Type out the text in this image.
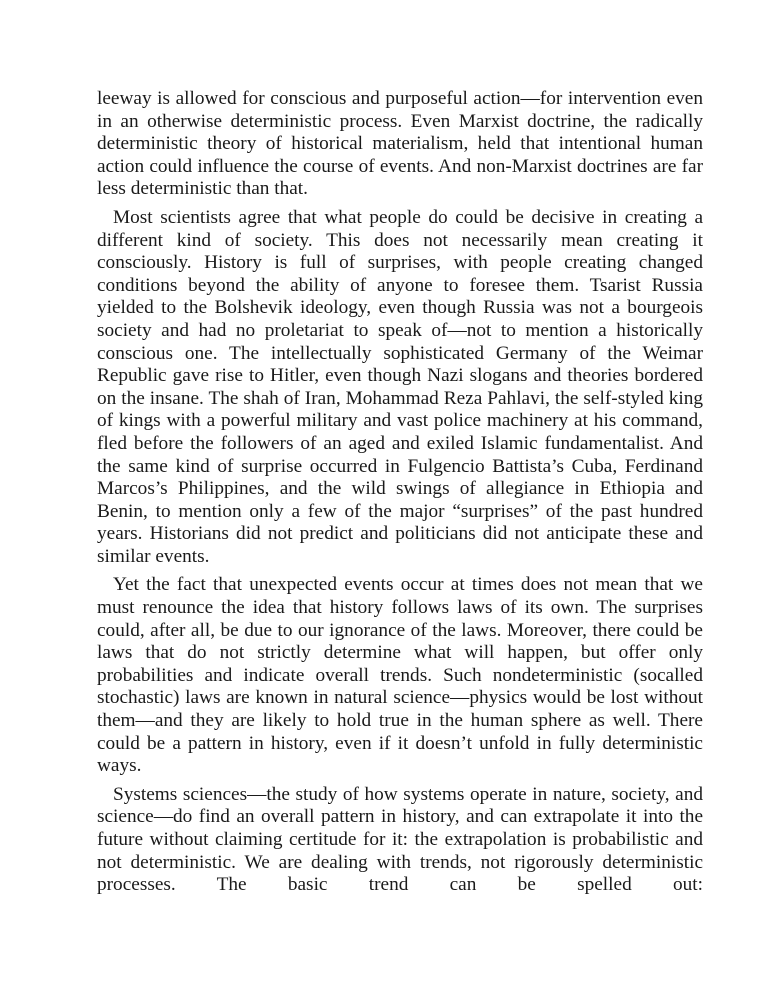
leeway is allowed for conscious and purposeful action—for intervention even in an otherwise deterministic process. Even Marxist doctrine, the radically deterministic theory of historical materialism, held that intentional human action could influence the course of events. And non-Marxist doctrines are far less deterministic than that.

Most scientists agree that what people do could be decisive in creating a different kind of society. This does not necessarily mean creating it consciously. History is full of surprises, with people creating changed conditions beyond the ability of anyone to foresee them. Tsarist Russia yielded to the Bolshevik ideology, even though Russia was not a bourgeois society and had no proletariat to speak of—not to mention a historically conscious one. The intellectually sophisticated Germany of the Weimar Republic gave rise to Hitler, even though Nazi slogans and theories bordered on the insane. The shah of Iran, Mohammad Reza Pahlavi, the self-styled king of kings with a powerful military and vast police machinery at his command, fled before the followers of an aged and exiled Islamic fundamentalist. And the same kind of surprise occurred in Fulgencio Battista’s Cuba, Ferdinand Marcos’s Philippines, and the wild swings of allegiance in Ethiopia and Benin, to mention only a few of the major “surprises” of the past hundred years. Historians did not predict and politicians did not anticipate these and similar events.

Yet the fact that unexpected events occur at times does not mean that we must renounce the idea that history follows laws of its own. The surprises could, after all, be due to our ignorance of the laws. Moreover, there could be laws that do not strictly determine what will happen, but offer only probabilities and indicate overall trends. Such nondeterministic (socalled stochastic) laws are known in natural science—physics would be lost without them—and they are likely to hold true in the human sphere as well. There could be a pattern in history, even if it doesn’t unfold in fully deterministic ways.

Systems sciences—the study of how systems operate in nature, society, and science—do find an overall pattern in history, and can extrapolate it into the future without claiming certitude for it: the extrapolation is probabilistic and not deterministic. We are dealing with trends, not rigorously deterministic processes. The basic trend can be spelled out:
